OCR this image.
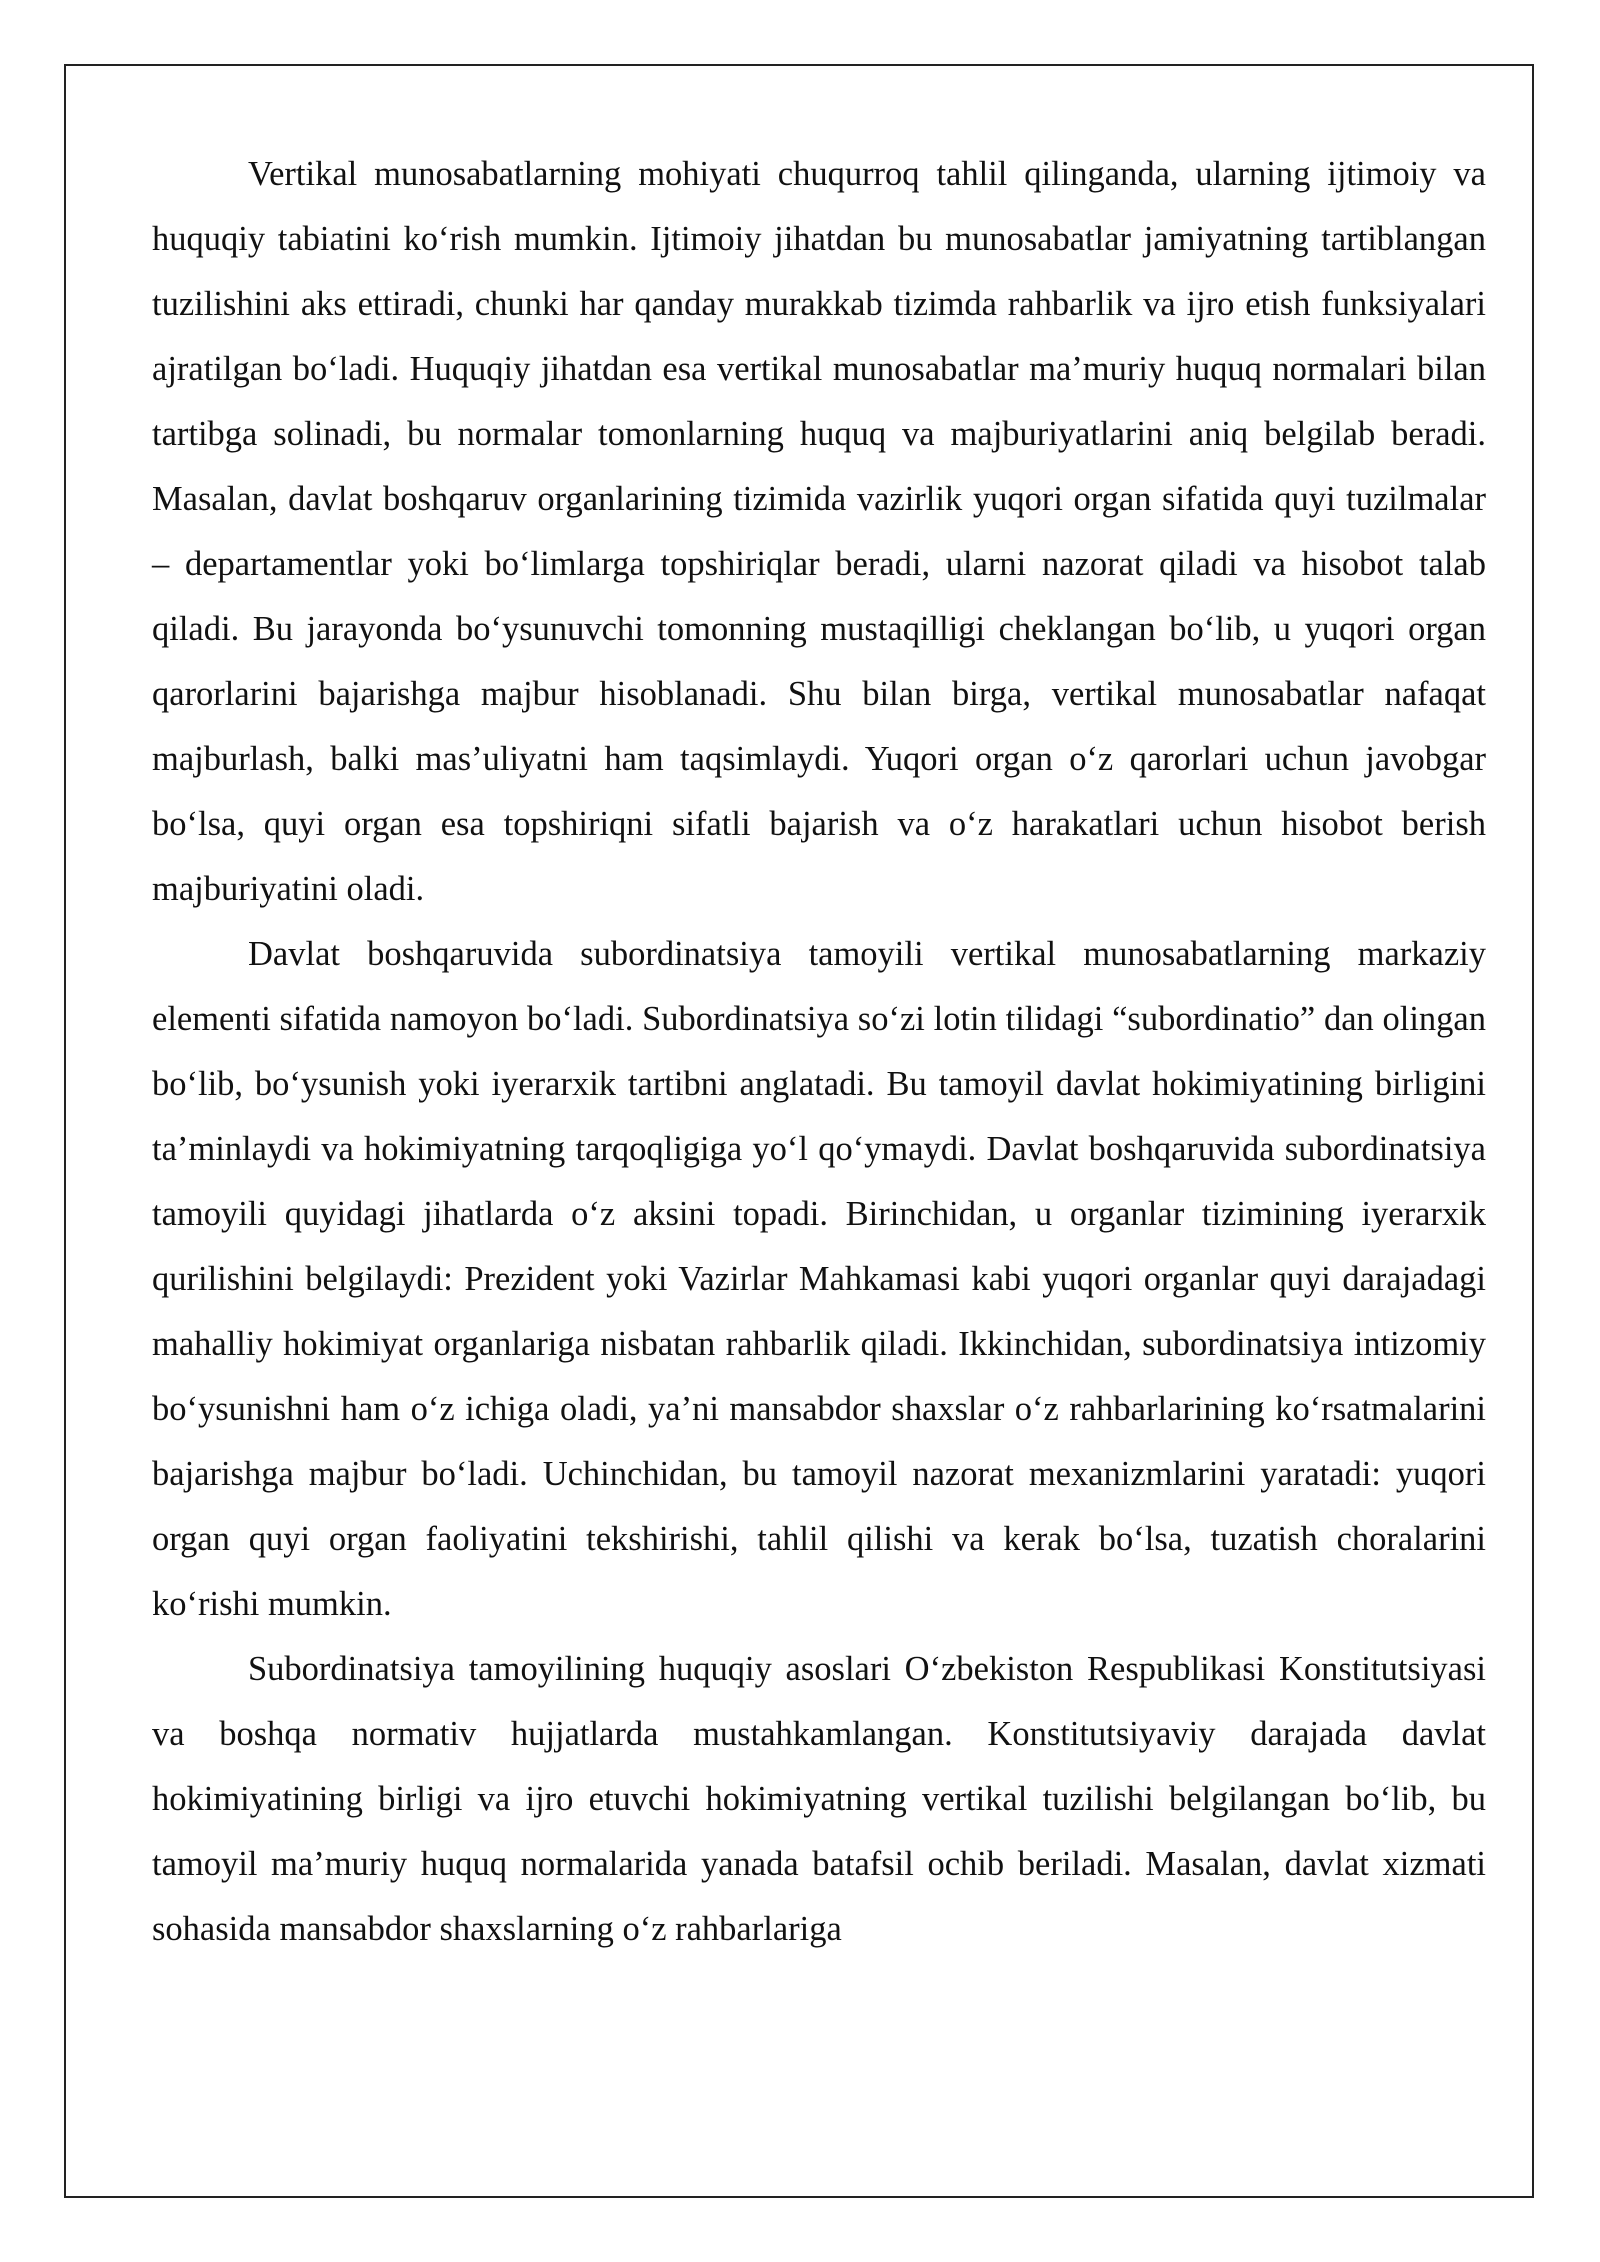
Vertikal munosabatlarning mohiyati chuqurroq tahlil qilinganda, ularning ijtimoiy va huquqiy tabiatini ko‘rish mumkin. Ijtimoiy jihatdan bu munosabatlar jamiyatning tartiblangan tuzilishini aks ettiradi, chunki har qanday murakkab tizimda rahbarlik va ijro etish funksiyalari ajratilgan bo‘ladi. Huquqiy jihatdan esa vertikal munosabatlar ma’muriy huquq normalari bilan tartibga solinadi, bu normalar tomonlarning huquq va majburiyatlarini aniq belgilab beradi. Masalan, davlat boshqaruv organlarining tizimida vazirlik yuqori organ sifatida quyi tuzilmalar – departamentlar yoki bo‘limlarga topshiriqlar beradi, ularni nazorat qiladi va hisobot talab qiladi. Bu jarayonda bo‘ysunuvchi tomonning mustaqilligi cheklangan bo‘lib, u yuqori organ qarorlarini bajarishga majbur hisoblanadi. Shu bilan birga, vertikal munosabatlar nafaqat majburlash, balki mas’uliyatni ham taqsimlaydi. Yuqori organ o‘z qarorlari uchun javobgar bo‘lsa, quyi organ esa topshiriqni sifatli bajarish va o‘z harakatlari uchun hisobot berish majburiyatini oladi.

Davlat boshqaruvida subordinatsiya tamoyili vertikal munosabatlarning markaziy elementi sifatida namoyon bo‘ladi. Subordinatsiya so‘zi lotin tilidagi “subordinatio” dan olingan bo‘lib, bo‘ysunish yoki iyerarxik tartibni anglatadi. Bu tamoyil davlat hokimiyatining birligini ta’minlaydi va hokimiyatning tarqoqligiga yo‘l qo‘ymaydi. Davlat boshqaruvida subordinatsiya tamoyili quyidagi jihatlarda o‘z aksini topadi. Birinchidan, u organlar tizimining iyerarxik qurilishini belgilaydi: Prezident yoki Vazirlar Mahkamasi kabi yuqori organlar quyi darajadagi mahalliy hokimiyat organlariga nisbatan rahbarlik qiladi. Ikkinchidan, subordinatsiya intizomiy bo‘ysunishni ham o‘z ichiga oladi, ya’ni mansabdor shaxslar o‘z rahbarlarining ko‘rsatmalarini bajarishga majbur bo‘ladi. Uchinchidan, bu tamoyil nazorat mexanizmlarini yaratadi: yuqori organ quyi organ faoliyatini tekshirishi, tahlil qilishi va kerak bo‘lsa, tuzatish choralarini ko‘rishi mumkin.

Subordinatsiya tamoyilining huquqiy asoslari O‘zbekiston Respublikasi Konstitutsiyasi va boshqa normativ hujjatlarda mustahkamlangan. Konstitutsiyaviy darajada davlat hokimiyatining birligi va ijro etuvchi hokimiyatning vertikal tuzilishi belgilangan bo‘lib, bu tamoyil ma’muriy huquq normalarida yanada batafsil ochib beriladi. Masalan, davlat xizmati sohasida mansabdor shaxslarning o‘z rahbarlariga
